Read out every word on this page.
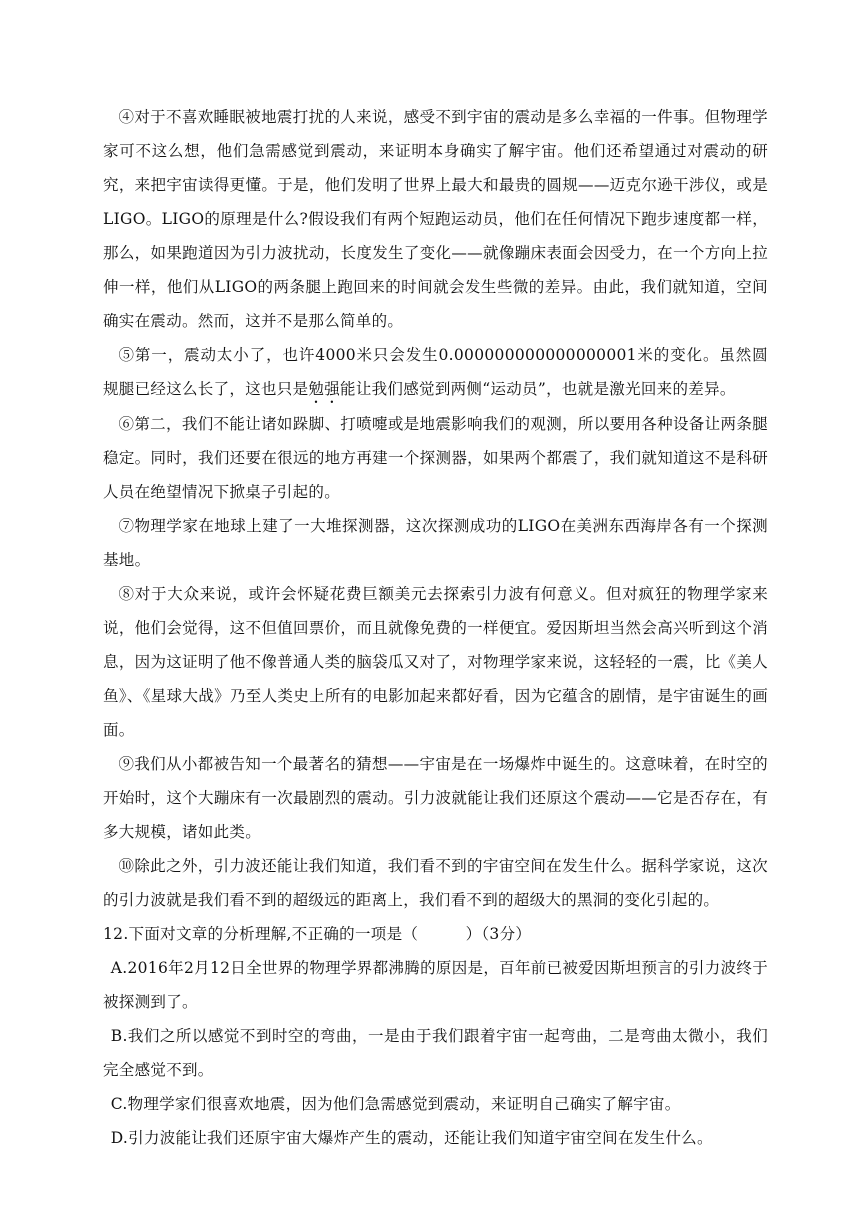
④对于不喜欢睡眠被地震打扰的人来说，感受不到宇宙的震动是多么幸福的一件事。但物理学家可不这么想，他们急需感觉到震动，来证明本身确实了解宇宙。他们还希望通过对震动的研究，来把宇宙读得更懂。于是，他们发明了世界上最大和最贵的圆规——迈克尔逊干涉仪，或是LIGO。LIGO的原理是什么?假设我们有两个短跑运动员，他们在任何情况下跑步速度都一样，那么，如果跑道因为引力波扰动，长度发生了变化——就像蹦床表面会因受力，在一个方向上拉伸一样，他们从LIGO的两条腿上跑回来的时间就会发生些微的差异。由此，我们就知道，空间确实在震动。然而，这并不是那么简单的。

⑤第一，震动太小了，也许4000米只会发生0.000000000000000001米的变化。虽然圆规腿已经这么长了，这也只是勉强能让我们感觉到两侧“运动员”，也就是激光回来的差异。

⑥第二，我们不能让诸如跺脚、打喷嚏或是地震影响我们的观测，所以要用各种设备让两条腿稳定。同时，我们还要在很远的地方再建一个探测器，如果两个都震了，我们就知道这不是科研人员在绝望情况下掀桌子引起的。

⑦物理学家在地球上建了一大堆探测器，这次探测成功的LIGO在美洲东西海岸各有一个探测基地。

⑧对于大众来说，或许会怀疑花费巨额美元去探索引力波有何意义。但对疯狂的物理学家来说，他们会觉得，这不但值回票价，而且就像免费的一样便宜。爱因斯坦当然会高兴听到这个消息，因为这证明了他不像普通人类的脑袋瓜又对了，对物理学家来说，这轻轻的一震，比《美人鱼》、《星球大战》乃至人类史上所有的电影加起来都好看，因为它蕴含的剧情，是宇宙诞生的画面。

⑨我们从小都被告知一个最著名的猜想——宇宙是在一场爆炸中诞生的。这意味着，在时空的开始时，这个大蹦床有一次最剧烈的震动。引力波就能让我们还原这个震动——它是否存在，有多大规模，诸如此类。

⑩除此之外，引力波还能让我们知道，我们看不到的宇宙空间在发生什么。据科学家说，这次的引力波就是我们看不到的超级远的距离上，我们看不到的超级大的黑洞的变化引起的。

12.下面对文章的分析理解,不正确的一项是（　　　）（3分）

A.2016年2月12日全世界的物理学界都沸腾的原因是，百年前已被爱因斯坦预言的引力波终于被探测到了。

B.我们之所以感觉不到时空的弯曲，一是由于我们跟着宇宙一起弯曲，二是弯曲太微小，我们完全感觉不到。

C.物理学家们很喜欢地震，因为他们急需感觉到震动，来证明自己确实了解宇宙。

D.引力波能让我们还原宇宙大爆炸产生的震动，还能让我们知道宇宙空间在发生什么。
